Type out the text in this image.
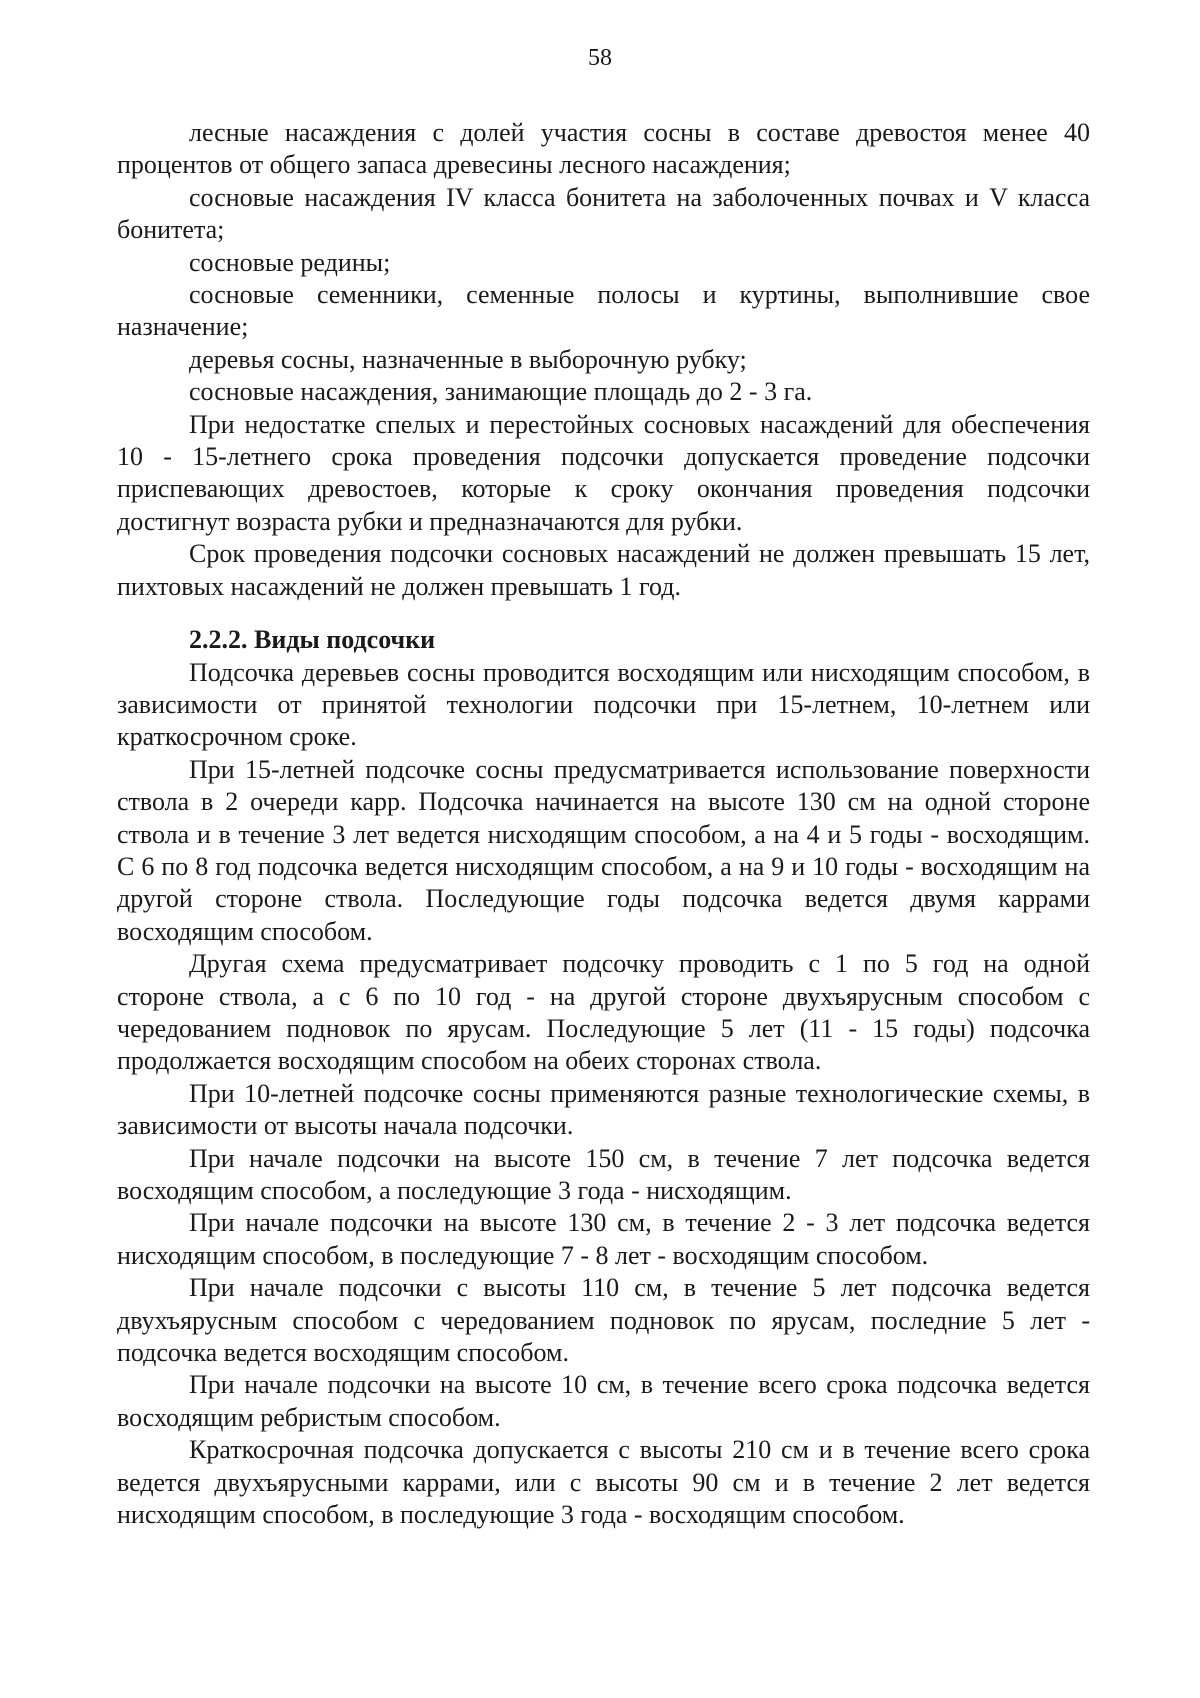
58

лесные насаждения с долей участия сосны в составе древостоя менее 40 процентов от общего запаса древесины лесного насаждения;

сосновые насаждения IV класса бонитета на заболоченных почвах и V класса бонитета;

сосновые редины;

сосновые семенники, семенные полосы и куртины, выполнившие свое назначение;

деревья сосны, назначенные в выборочную рубку;

сосновые насаждения, занимающие площадь до 2 - 3 га.

При недостатке спелых и перестойных сосновых насаждений для обеспечения 10 - 15-летнего срока проведения подсочки допускается проведение подсочки приспевающих древостоев, которые к сроку окончания проведения подсочки достигнут возраста рубки и предназначаются для рубки.

Срок проведения подсочки сосновых насаждений не должен превышать 15 лет, пихтовых насаждений не должен превышать 1 год.

2.2.2. Виды подсочки

Подсочка деревьев сосны проводится восходящим или нисходящим способом, в зависимости от принятой технологии подсочки при 15-летнем, 10-летнем или краткосрочном сроке.

При 15-летней подсочке сосны предусматривается использование поверхности ствола в 2 очереди карр. Подсочка начинается на высоте 130 см на одной стороне ствола и в течение 3 лет ведется нисходящим способом, а на 4 и 5 годы - восходящим. С 6 по 8 год подсочка ведется нисходящим способом, а на 9 и 10 годы - восходящим на другой стороне ствола. Последующие годы подсочка ведется двумя каррами восходящим способом.

Другая схема предусматривает подсочку проводить с 1 по 5 год на одной стороне ствола, а с 6 по 10 год - на другой стороне двухъярусным способом с чередованием подновок по ярусам. Последующие 5 лет (11 - 15 годы) подсочка продолжается восходящим способом на обеих сторонах ствола.

При 10-летней подсочке сосны применяются разные технологические схемы, в зависимости от высоты начала подсочки.

При начале подсочки на высоте 150 см, в течение 7 лет подсочка ведется восходящим способом, а последующие 3 года - нисходящим.

При начале подсочки на высоте 130 см, в течение 2 - 3 лет подсочка ведется нисходящим способом, в последующие 7 - 8 лет - восходящим способом.

При начале подсочки с высоты 110 см, в течение 5 лет подсочка ведется двухъярусным способом с чередованием подновок по ярусам, последние 5 лет - подсочка ведется восходящим способом.

При начале подсочки на высоте 10 см, в течение всего срока подсочка ведется восходящим ребристым способом.

Краткосрочная подсочка допускается с высоты 210 см и в течение всего срока ведется двухъярусными каррами, или с высоты 90 см и в течение 2 лет ведется нисходящим способом, в последующие 3 года - восходящим способом.
